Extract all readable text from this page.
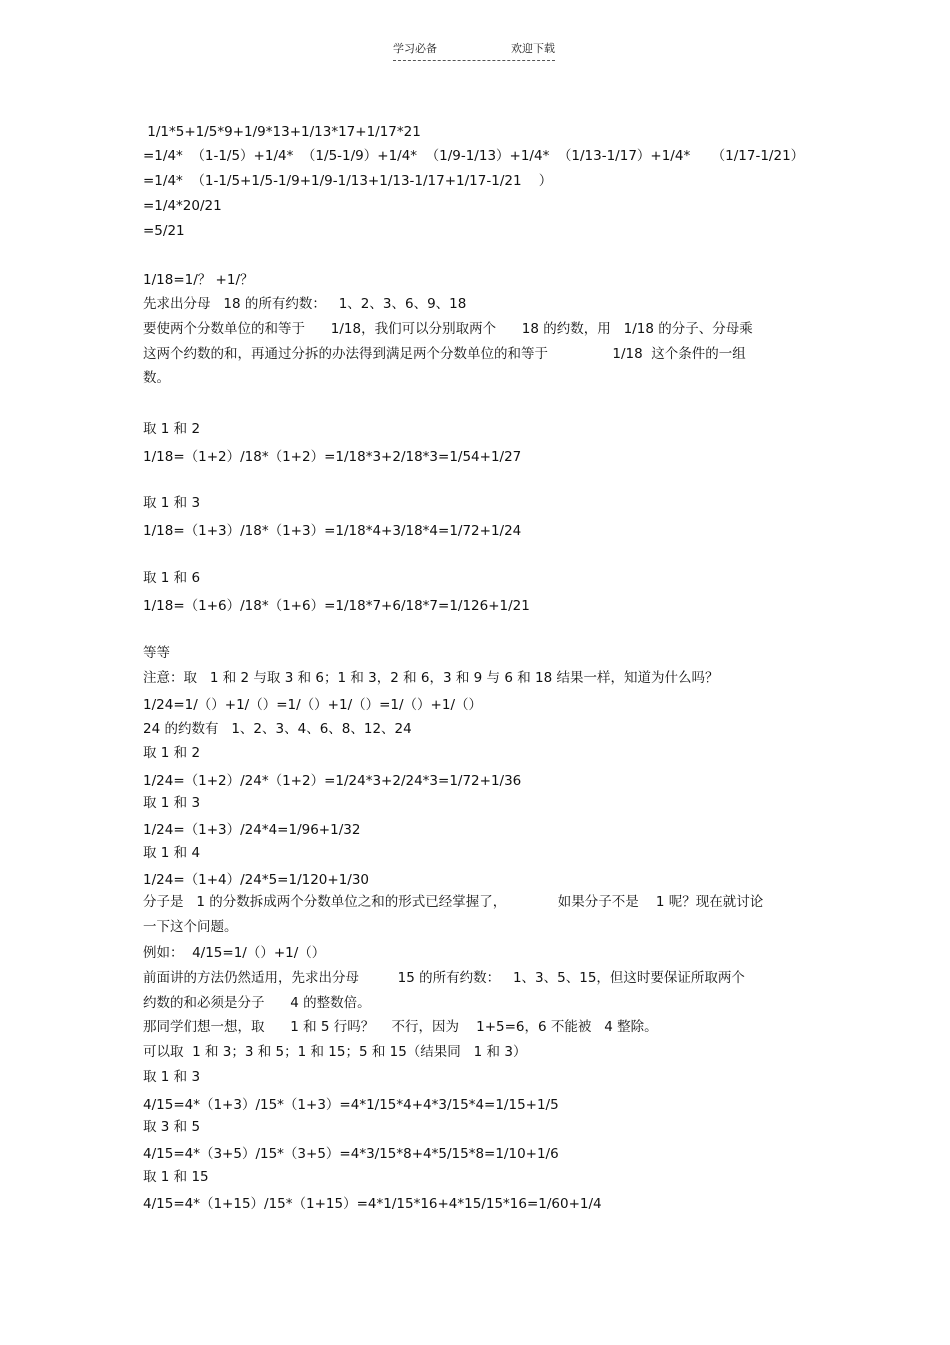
学习必备	欢迎下载
1/1*5+1/5*9+1/9*13+1/13*17+1/17*21
=1/4*  （1-1/5）+1/4*  （1/5-1/9）+1/4*  （1/9-1/13）+1/4*  （1/13-1/17）+1/4*     （1/17-1/21）
=1/4*  （1-1/5+1/5-1/9+1/9-1/13+1/13-1/17+1/17-1/21    ）
=1/4*20/21
=5/21
1/18=1/？ +1/？
先求出分母   18 的所有约数：   1、2、3、6、9、18
要使两个分数单位的和等于      1/18，我们可以分别取两个      18 的约数，用   1/18 的分子、分母乘
这两个约数的和，再通过分拆的办法得到满足两个分数单位的和等于               1/18  这个条件的一组
数。
取 1 和 2
1/18=（1+2）/18*（1+2）=1/18*3+2/18*3=1/54+1/27
取 1 和 3
1/18=（1+3）/18*（1+3）=1/18*4+3/18*4=1/72+1/24
取 1 和 6
1/18=（1+6）/18*（1+6）=1/18*7+6/18*7=1/126+1/21
等等
注意：取   1 和 2 与取 3 和 6；1 和 3，2 和 6，3 和 9 与 6 和 18 结果一样，知道为什么吗？
1/24=1/（）+1/（）=1/（）+1/（）=1/（）+1/（）
24 的约数有   1、2、3、4、6、8、12、24
取 1 和 2
1/24=（1+2）/24*（1+2）=1/24*3+2/24*3=1/72+1/36
取 1 和 3
1/24=（1+3）/24*4=1/96+1/32
取 1 和 4
1/24=（1+4）/24*5=1/120+1/30
分子是   1 的分数拆成两个分数单位之和的形式已经掌握了，            如果分子不是    1 呢？现在就讨论
一下这个问题。
例如：  4/15=1/（）+1/（）
前面讲的方法仍然适用，先求出分母         15 的所有约数：   1、3、5、15，但这时要保证所取两个
约数的和必须是分子      4 的整数倍。
那同学们想一想，取      1 和 5 行吗？    不行，因为    1+5=6，6 不能被   4 整除。
可以取  1 和 3；3 和 5；1 和 15；5 和 15（结果同   1 和 3）
取 1 和 3
4/15=4*（1+3）/15*（1+3）=4*1/15*4+4*3/15*4=1/15+1/5
取 3 和 5
4/15=4*（3+5）/15*（3+5）=4*3/15*8+4*5/15*8=1/10+1/6
取 1 和 15
4/15=4*（1+15）/15*（1+15）=4*1/15*16+4*15/15*16=1/60+1/4
